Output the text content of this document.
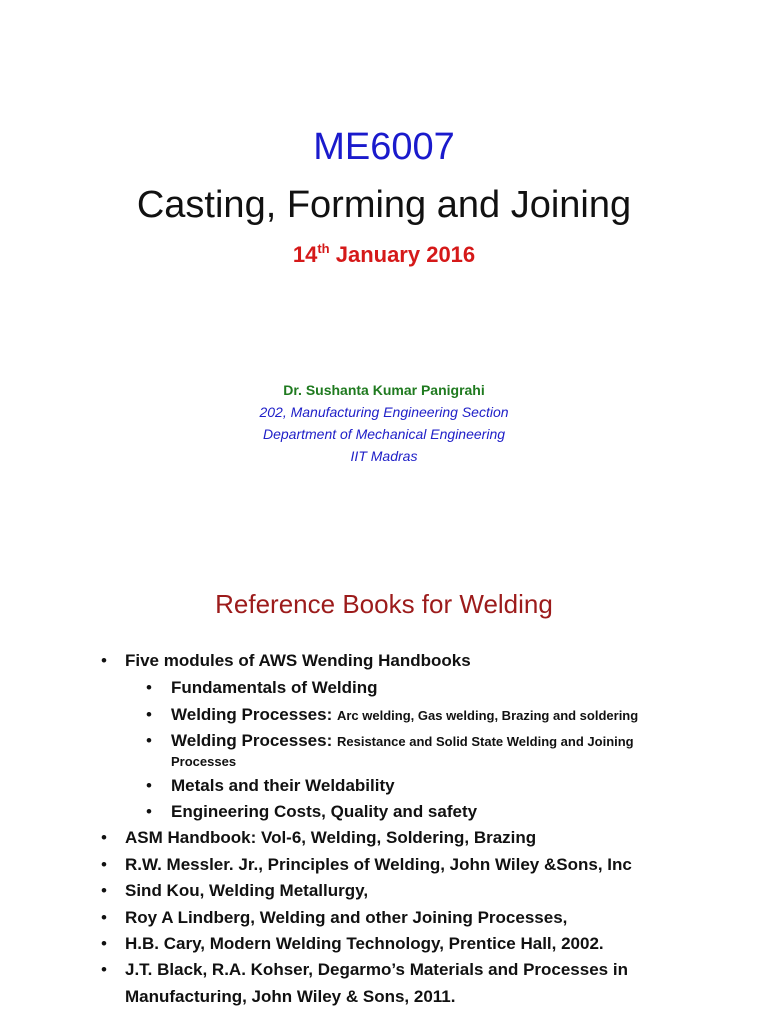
ME6007
Casting, Forming and Joining
14th January 2016
Dr. Sushanta Kumar Panigrahi
202, Manufacturing Engineering Section
Department of Mechanical Engineering
IIT Madras
Reference Books for Welding
• Five modules of AWS Wending Handbooks
• Fundamentals of Welding
• Welding Processes: Arc welding, Gas welding, Brazing and soldering
• Welding Processes: Resistance and Solid State Welding and Joining
Processes
• Metals and their Weldability
• Engineering Costs, Quality and safety
• ASM Handbook: Vol-6, Welding, Soldering, Brazing
• R.W. Messler. Jr., Principles of Welding, John Wiley &Sons, Inc
• Sind Kou, Welding Metallurgy,
• Roy A Lindberg, Welding and other Joining Processes,
• H.B. Cary, Modern Welding Technology, Prentice Hall, 2002.
• J.T. Black, R.A. Kohser, Degarmo’s Materials and Processes in
Manufacturing, John Wiley & Sons, 2011.
